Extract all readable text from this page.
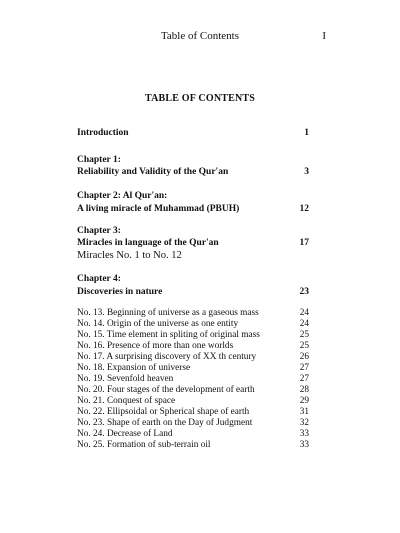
Table of Contents	I
TABLE OF CONTENTS
Introduction	1
Chapter 1:
Reliability and Validity of the Qur'an	3
Chapter 2: Al Qur'an:
A living miracle of Muhammad (PBUH)	12
Chapter 3:
Miracles in language of the Qur'an	17
Miracles No. 1 to No. 12
Chapter 4:
Discoveries in nature	23
No. 13. Beginning of universe as a gaseous mass	24
No. 14. Origin of the universe as one entity	24
No. 15. Time element in spliting of original mass	25
No. 16. Presence of more than one worlds	25
No. 17. A surprising discovery of XX th century	26
No. 18. Expansion of universe	27
No. 19. Sevenfold heaven	27
No. 20. Four stages of the development of earth	28
No. 21. Conquest of space	29
No. 22. Ellipsoidal or Spherical shape of earth	31
No. 23. Shape of earth on the Day of Judgment	32
No. 24. Decrease of Land	33
No. 25. Formation of sub-terrain oil	33
